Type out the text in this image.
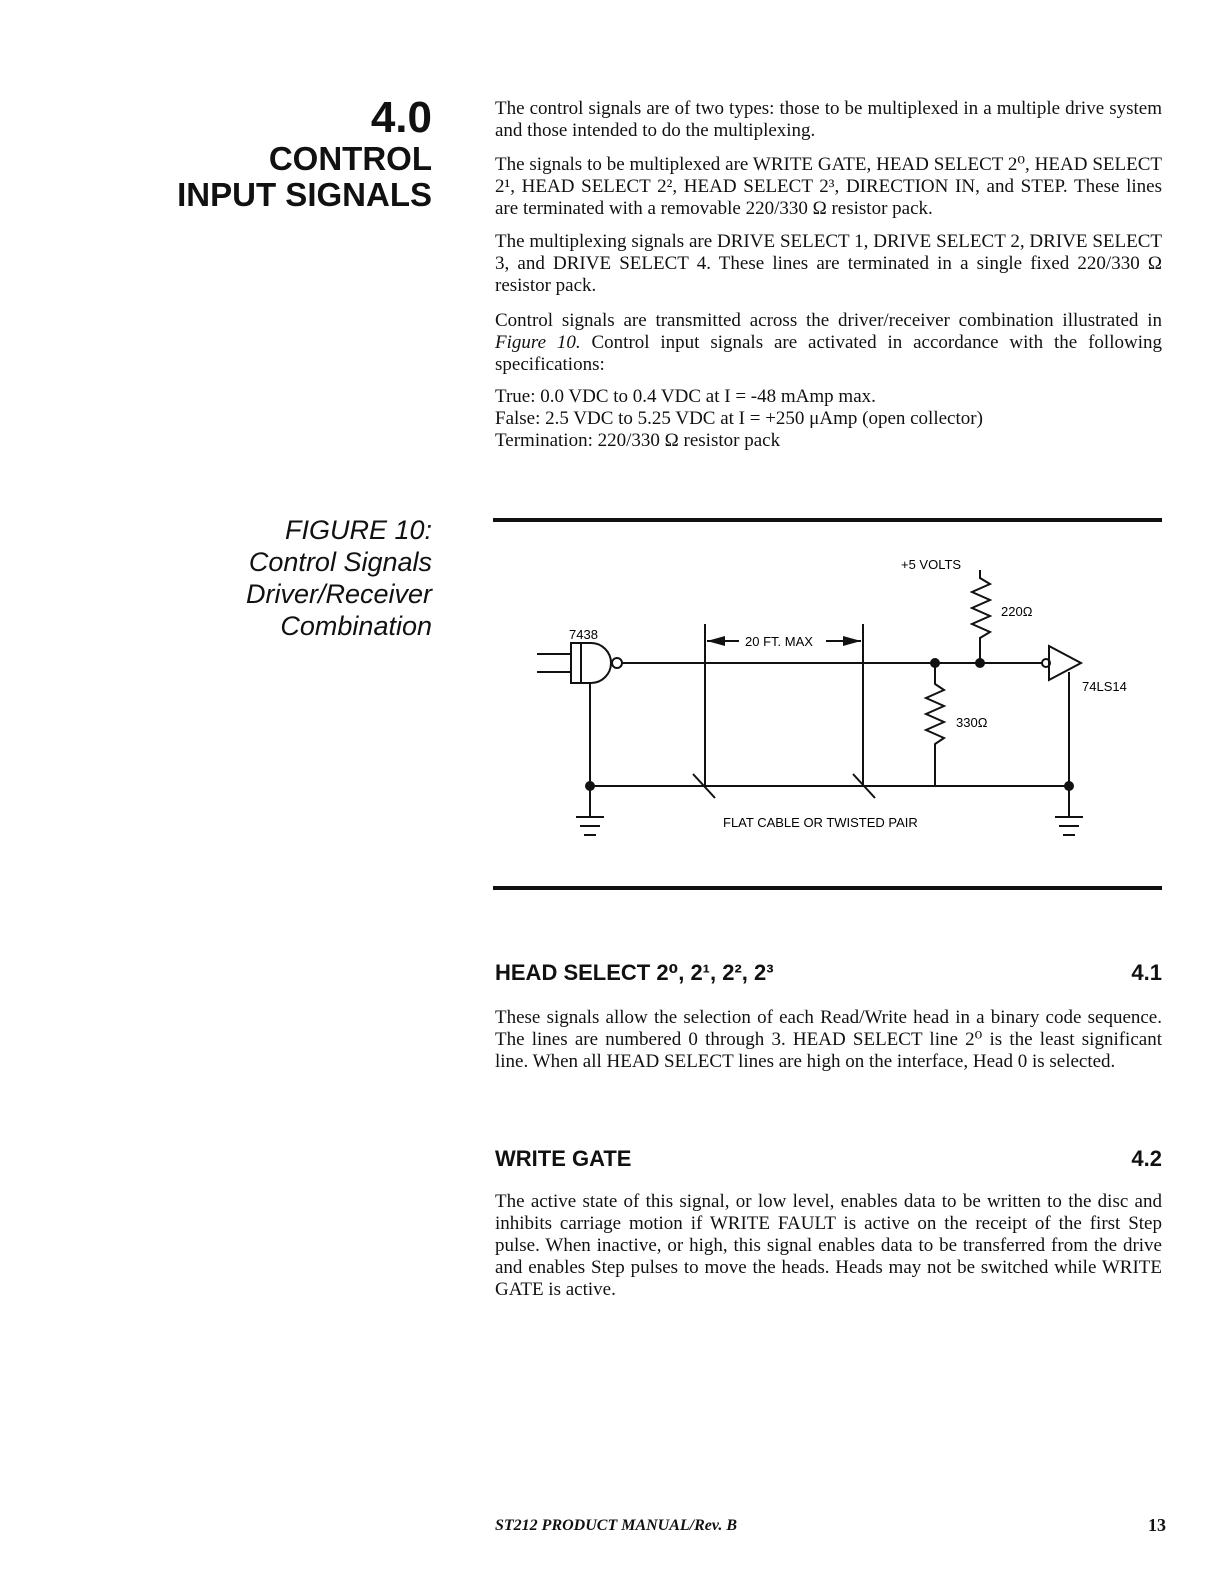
4.0
CONTROL
INPUT SIGNALS
FIGURE 10:
Control Signals
Driver/Receiver
Combination

The control signals are of two types: those to be multiplexed in a multiple drive system and those intended to do the multiplexing.

The signals to be multiplexed are WRITE GATE, HEAD SELECT 2⁰, HEAD SELECT 2¹, HEAD SELECT 2², HEAD SELECT 2³, DIRECTION IN, and STEP. These lines are terminated with a removable 220/330 Ω resistor pack.

The multiplexing signals are DRIVE SELECT 1, DRIVE SELECT 2, DRIVE SELECT 3, and DRIVE SELECT 4. These lines are terminated in a single fixed 220/330 Ω resistor pack.

Control signals are transmitted across the driver/receiver combination illustrated in Figure 10. Control input signals are activated in accordance with the following specifications:

True: 0.0 VDC to 0.4 VDC at I = -48 mAmp max.

False: 2.5 VDC to 5.25 VDC at I = +250 μAmp (open collector)

Termination: 220/330 Ω resistor pack

+5 VOLTS
220Ω
330Ω
7438
74LS14
20 FT. MAX
FLAT CABLE OR TWISTED PAIR
HEAD SELECT 2⁰, 2¹, 2², 2³	4.1

These signals allow the selection of each Read/Write head in a binary code sequence. The lines are numbered 0 through 3. HEAD SELECT line 2⁰ is the least significant line. When all HEAD SELECT lines are high on the interface, Head 0 is selected.

WRITE GATE	4.2

The active state of this signal, or low level, enables data to be written to the disc and inhibits carriage motion if WRITE FAULT is active on the receipt of the first Step pulse. When inactive, or high, this signal enables data to be transferred from the drive and enables Step pulses to move the heads. Heads may not be switched while WRITE GATE is active.

ST212 PRODUCT MANUAL/Rev. B	13
